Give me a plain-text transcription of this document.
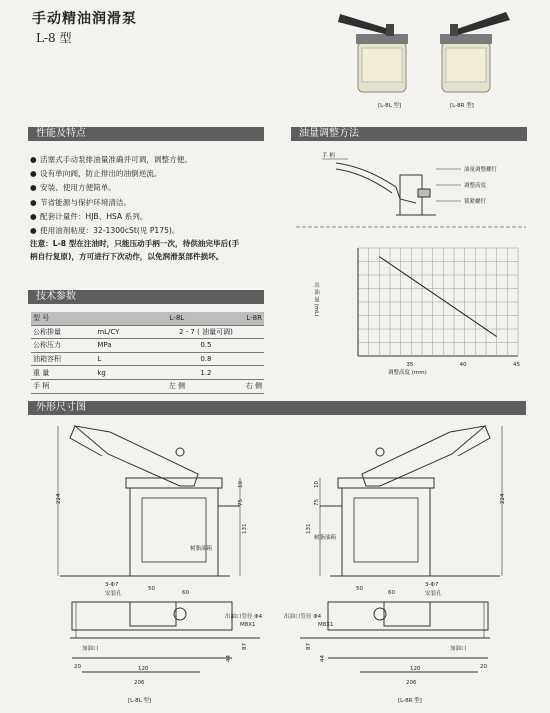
手动精油润滑泵
L-8 型
[L-8L 型]	[L-8R 型]
性能及特点	油量调整方法
技术参数
外形尺寸图
● 活塞式手动泵排油量准确并可调，调整方便。
● 设有单向阀，防止排出的油倒逆流。
● 安装、使用方便简单。
● 节省能源与保护环境清洁。
● 配套计量件：HJB、HSA 系列。
● 使用油剂粘度：32-1300cSt(见 P175)。
注意：L-8 型在注油时，只能压动手柄一次，待供油完毕后(手
柄自行复原)，方可进行下次动作，以免润滑泵部件损坏。
手 柄
油量调整螺钉
调整高度
锁紧螺钉
35	40	45
出 油 量 (mL)
调整高度 (mm)
型 号		L-8L	L-8R
公称排量	mL/CY	2 - 7 ( 油量可调)	
公称压力	MPa	0.5	
油箱容积	L	0.8	
重 量	kg	1.2	
手 柄		左 侧	右 侧
224
10
75
131
树脂油箱
50
60
3-Φ7
安装孔
出油口管径 Φ4
M8X1
加油口	87
44
20	120
206
[L-8L 型]
224
10
75
131
树脂油箱
50
60
3-Φ7
安装孔
出油口管径 Φ4
M8X1
加油口
87
44
20
120
206
[L-8R 型]
